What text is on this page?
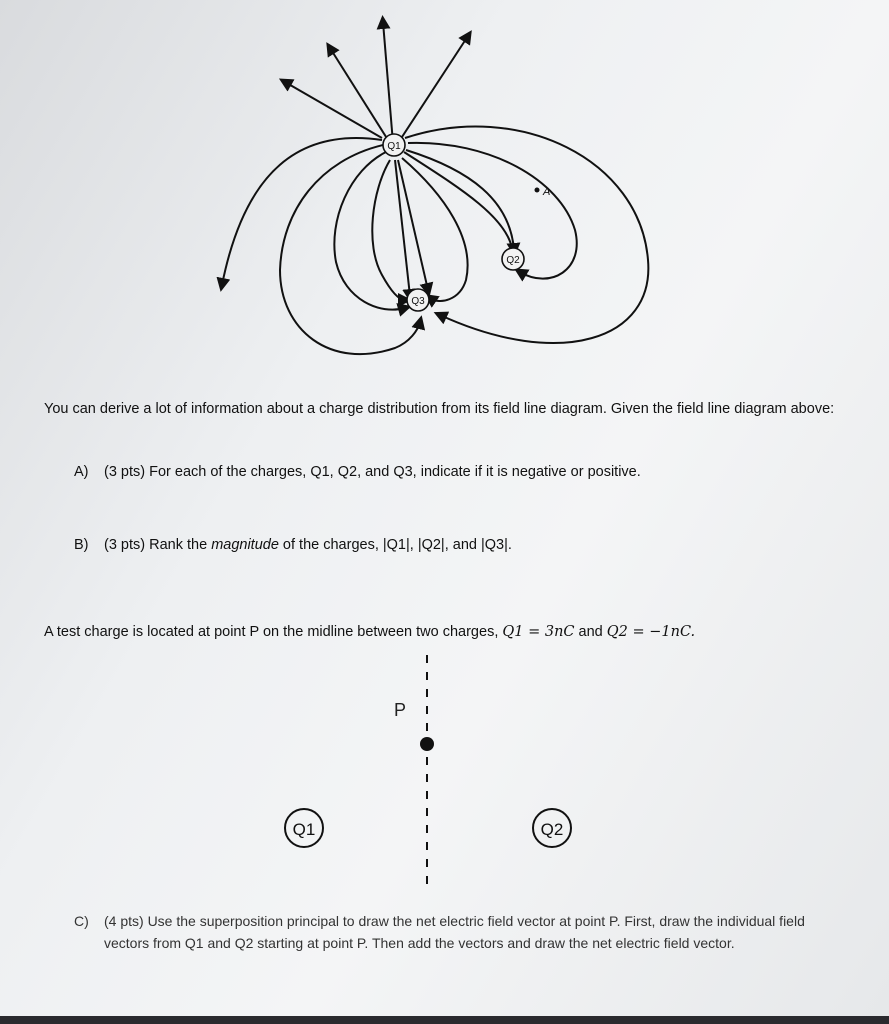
Q1
Q2
Q3
A
Q1	Q2
You can derive a lot of information about a charge distribution from its field line diagram. Given the field line diagram above:
A) (3 pts) For each of the charges, Q1, Q2, and Q3, indicate if it is negative or positive.
B) (3 pts) Rank the magnitude of the charges, |Q1|, |Q2|, and |Q3|.
A test charge is located at point P on the midline between two charges, Q1 = 3nC and Q2 = −1nC.
P
C) (4 pts) Use the superposition principal to draw the net electric field vector at point P. First, draw the individual field vectors from Q1 and Q2 starting at point P. Then add the vectors and draw the net electric field vector.
